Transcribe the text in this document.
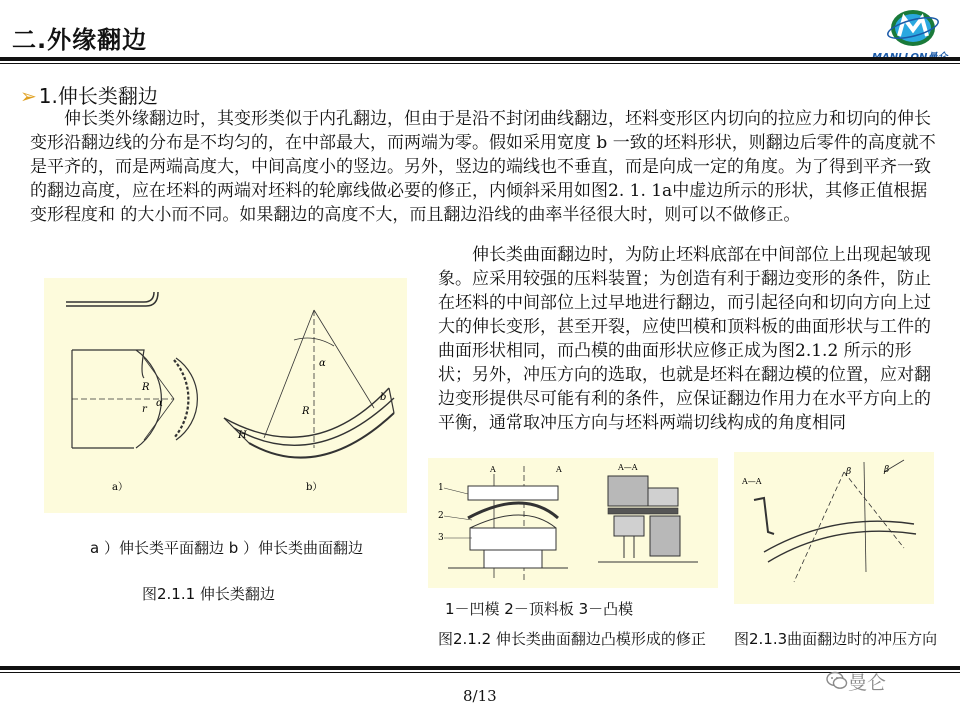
二.外缘翻边
➢ 1.伸长类翻边
伸长类外缘翻边时，其变形类似于内孔翻边，但由于是沿不封闭曲线翻边，坯料变形区内切向的拉应力和切向的伸长变形沿翻边线的分布是不均匀的，在中部最大，而两端为零。假如采用宽度 b 一致的坯料形状，则翻边后零件的高度就不是平齐的，而是两端高度大，中间高度小的竖边。另外，竖边的端线也不垂直，而是向成一定的角度。为了得到平齐一致的翻边高度，应在坯料的两端对坯料的轮廓线做必要的修正，内倾斜采用如图2. 1. 1a中虚边所示的形状，其修正值根据变形程度和 的大小而不同。如果翻边的高度不大，而且翻边沿线的曲率半径很大时，则可以不做修正。
伸长类曲面翻边时，为防止坯料底部在中间部位上出现起皱现象。应采用较强的压料装置；为创造有利于翻边变形的条件，防止在坯料的中间部位上过早地进行翻边，而引起径向和切向方向上过大的伸长变形，甚至开裂，应使凹模和顶料板的曲面形状与工件的曲面形状相同，而凸模的曲面形状应修正成为图2.1.2 所示的形状；另外，冲压方向的选取，也就是坯料在翻边模的位置，应对翻边变形提供尽可能有利的条件，应保证翻边作用力在水平方向上的平衡，通常取冲压方向与坯料两端切线构成的角度相同
R
r
α
a）
α
R
H
b
b）
a ）伸长类平面翻边 b ）伸长类曲面翻边
图2.1.1 伸长类翻边
A	A
1
2
3
A—A
1－凹模 2－顶料板 3－凸模
图2.1.2 伸长类曲面翻边凸模形成的修正
A—A
β	β
图2.1.3曲面翻边时的冲压方向
8/13
曼仑
